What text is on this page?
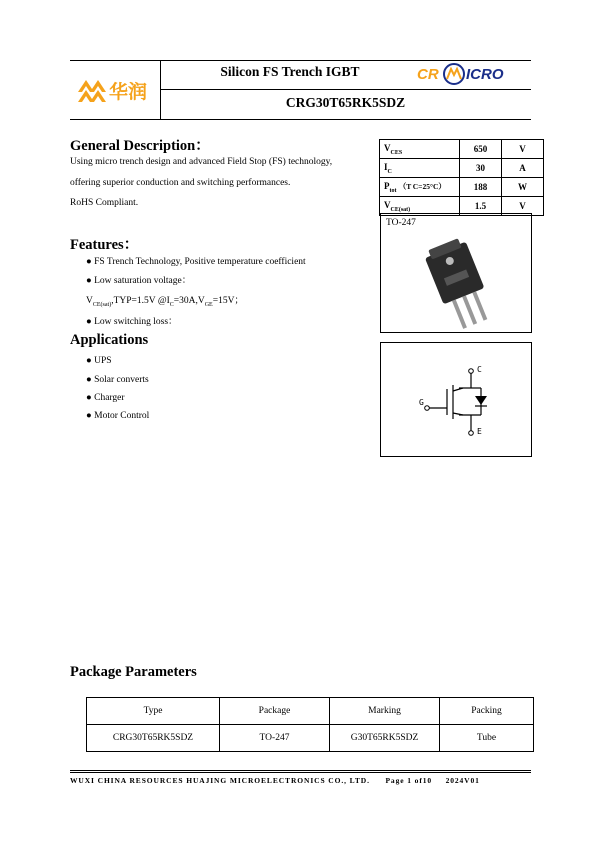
华润
Silicon FS Trench IGBT	CR ICRO
CRG30T65RK5SDZ
General Description：
Using micro trench design and advanced Field Stop (FS) technology,
offering superior conduction and switching performances.
RoHS Compliant.
$V_{CES}$	650	V
$I_C$	30	A
$P_{tot}$ （T C=25°C）	188	W
$V_{CE(sat)}$	1.5	V
TO-247
C
G
E
Features：
● FS Trench Technology, Positive temperature coefficient
● Low saturation voltage：
$V_{CE(sat)},TYP=1.5V$ $@I_C=30A,V_{GE}=15V$；
● Low switching loss：
Applications
● UPS
● Solar converts
● Charger
● Motor Control
Package Parameters
Type	Package	Marking	Packing
CRG30T65RK5SDZ	TO-247	G30T65RK5SDZ	Tube
WUXI CHINA RESOURCES HUAJING MICROELECTRONICS CO., LTD. Page 1 of10 2024V01
